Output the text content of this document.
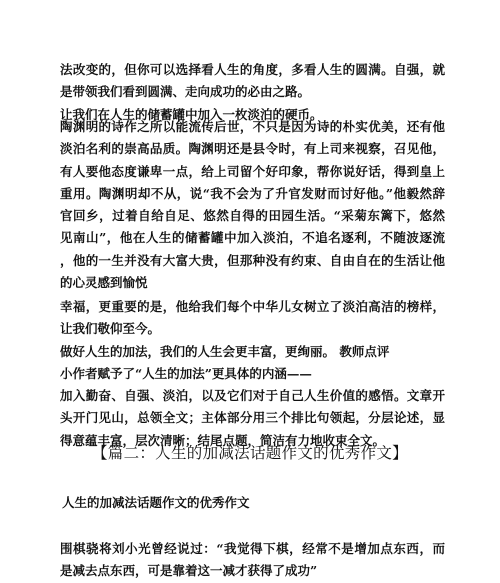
法改变的，但你可以选择看人生的角度，多看人生的圆满。自强，就
是带领我们看到圆满、走向成功的必由之路。
让我们在人生的储蓄罐中加入一枚淡泊的硬币。
陶渊明的诗作之所以能流传后世，不只是因为诗的朴实优美，还有他
淡泊名利的崇高品质。陶渊明还是县令时，有上司来视察，召见他，
有人要他态度谦卑一点，给上司留个好印象，帮你说好话，得到皇上
重用。陶渊明却不从，说“我不会为了升官发财而讨好他。”他毅然辞
官回乡，过着自给自足、悠然自得的田园生活。“采菊东篱下，悠然
见南山”，他在人生的储蓄罐中加入淡泊，不追名逐利，不随波逐流
，他的一生并没有大富大贵，但那种没有约束、自由自在的生活让他
的心灵感到愉悦
幸福，更重要的是，他给我们每个中华儿女树立了淡泊高洁的榜样，
让我们敬仰至今。
做好人生的加法，我们的人生会更丰富，更绚丽。 教师点评
小作者赋予了“人生的加法”更具体的内涵——
加入勤奋、自强、淡泊，以及它们对于自己人生价值的感悟。文章开
头开门见山，总领全文；主体部分用三个排比句领起，分层论述，显
得意蕴丰富，层次清晰；结尾点题，简洁有力地收束全文。
【篇二：人生的加减法话题作文的优秀作文】
人生的加减法话题作文的优秀作文
围棋骁将刘小光曾经说过：“我觉得下棋，经常不是增加点东西，而
是减去点东西，可是靠着这一减才获得了成功”
